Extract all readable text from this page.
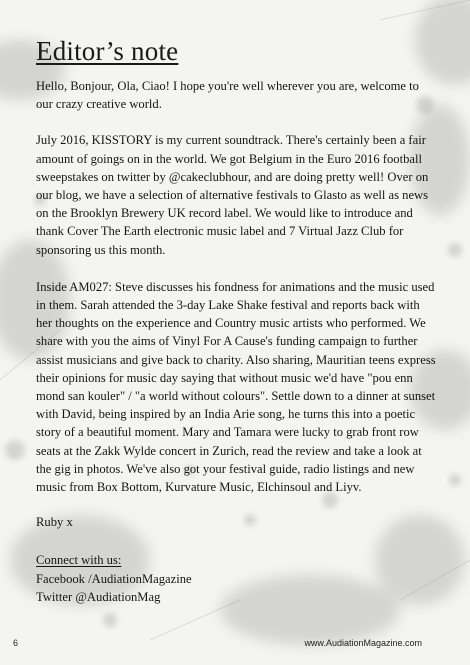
Editor’s note

Hello, Bonjour, Ola, Ciao! I hope you're well wherever you are, welcome to our crazy creative world.

July 2016, KISSTORY is my current soundtrack. There's certainly been a fair amount of goings on in the world. We got Belgium in the Euro 2016 football sweepstakes on twitter by @cakeclubhour, and are doing pretty well! Over on our blog, we have a selection of alternative festivals to Glasto as well as news on the Brooklyn Brewery UK record label. We would like to introduce and thank Cover The Earth electronic music label and 7 Virtual Jazz Club for sponsoring us this month.

Inside AM027: Steve discusses his fondness for animations and the music used in them. Sarah attended the 3-day Lake Shake festival and reports back with her thoughts on the experience and Country music artists who performed. We share with you the aims of Vinyl For A Cause's funding campaign to further assist musicians and give back to charity. Also sharing, Mauritian teens express their opinions for music day saying that without music we'd have "pou enn mond san kouler" / "a world without colours". Settle down to a dinner at sunset with David, being inspired by an India Arie song, he turns this into a poetic story of a beautiful moment. Mary and Tamara were lucky to grab front row seats at the Zakk Wylde concert in Zurich, read the review and take a look at the gig in photos. We've also got your festival guide, radio listings and new music from Box Bottom, Kurvature Music, Elchinsoul and Liyv.

Ruby x

Connect with us:
Facebook /AudiationMagazine
Twitter @AudiationMag
6	www.AudiationMagazine.com
